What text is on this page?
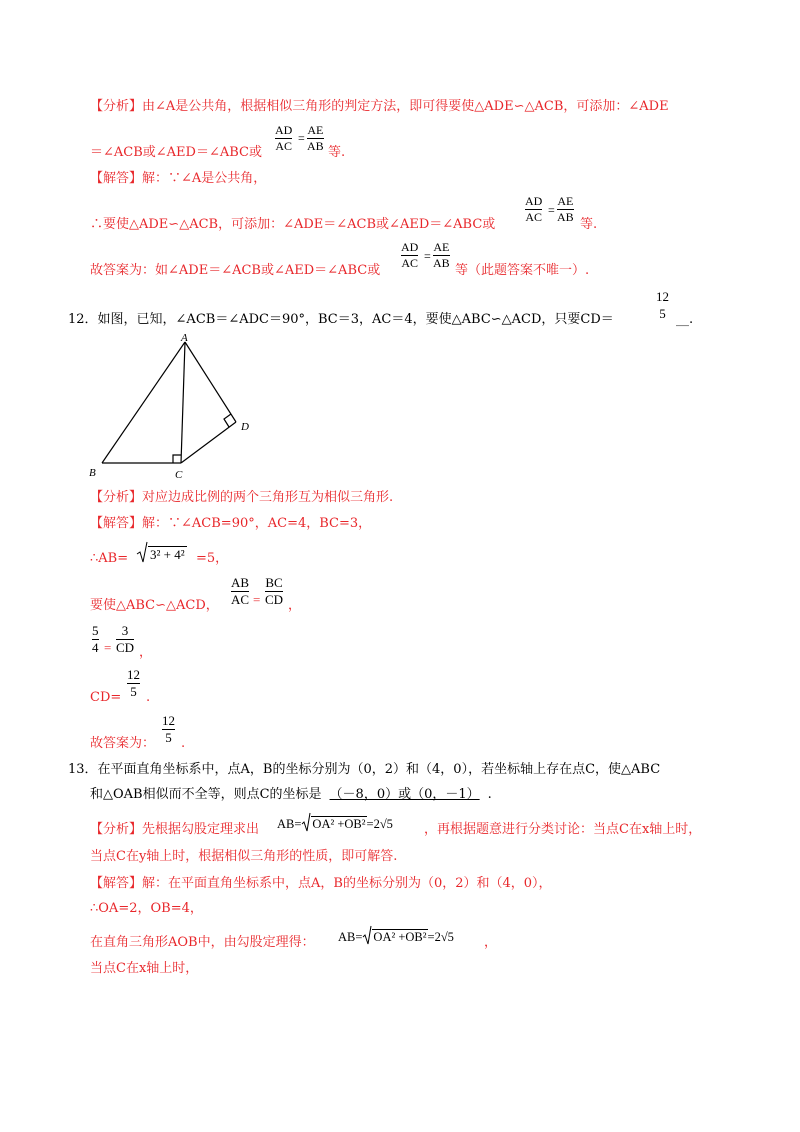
【分析】由∠A是公共角，根据相似三角形的判定方法，即可得要使△ADE∽△ACB，可添加：∠ADE
＝∠ACB或∠AED＝∠ABC或
AD
AC
=
AE
AB 等.
【解答】解：∵∠A是公共角，
∴要使△ADE∽△ACB，可添加：∠ADE＝∠ACB或∠AED＝∠ABC或
AD
AC =
AE
AB 等.
故答案为：如∠ADE＝∠ACB或∠AED＝∠ABC或
AD
AC =
AE
AB 等（此题答案不唯一）.
12．如图，已知，∠ACB＝∠ADC＝90°，BC＝3，AC＝4，要使△ABC∽△ACD，只要CD＝
12
5 __.
A
B	C
D
【分析】对应边成比例的两个三角形互为相似三角形.
【解答】解：∵∠ACB=90°，AC=4，BC=3，
∴AB=	3² + 4² =5，
要使△ABC∽△ACD，
AB
AC =
BC
CD ，
5
4 =
3
CD ，
CD=
12
5 .
故答案为：
12
5 .
13．在平面直角坐标系中，点A，B的坐标分别为（0，2）和（4，0），若坐标轴上存在点C，使△ABC
和△OAB相似而不全等，则点C的坐标是 （－8，0）或（0，－1） .
【分析】先根据勾股定理求出 AB= OA² +OB²=2√5 ，再根据题意进行分类讨论：当点C在x轴上时，
当点C在y轴上时，根据相似三角形的性质，即可解答.
【解答】解：在平面直角坐标系中，点A，B的坐标分别为（0，2）和（4，0），
∴OA=2，OB=4，
在直角三角形AOB中，由勾股定理得： AB= OA² +OB²=2√5 ，
当点C在x轴上时，
